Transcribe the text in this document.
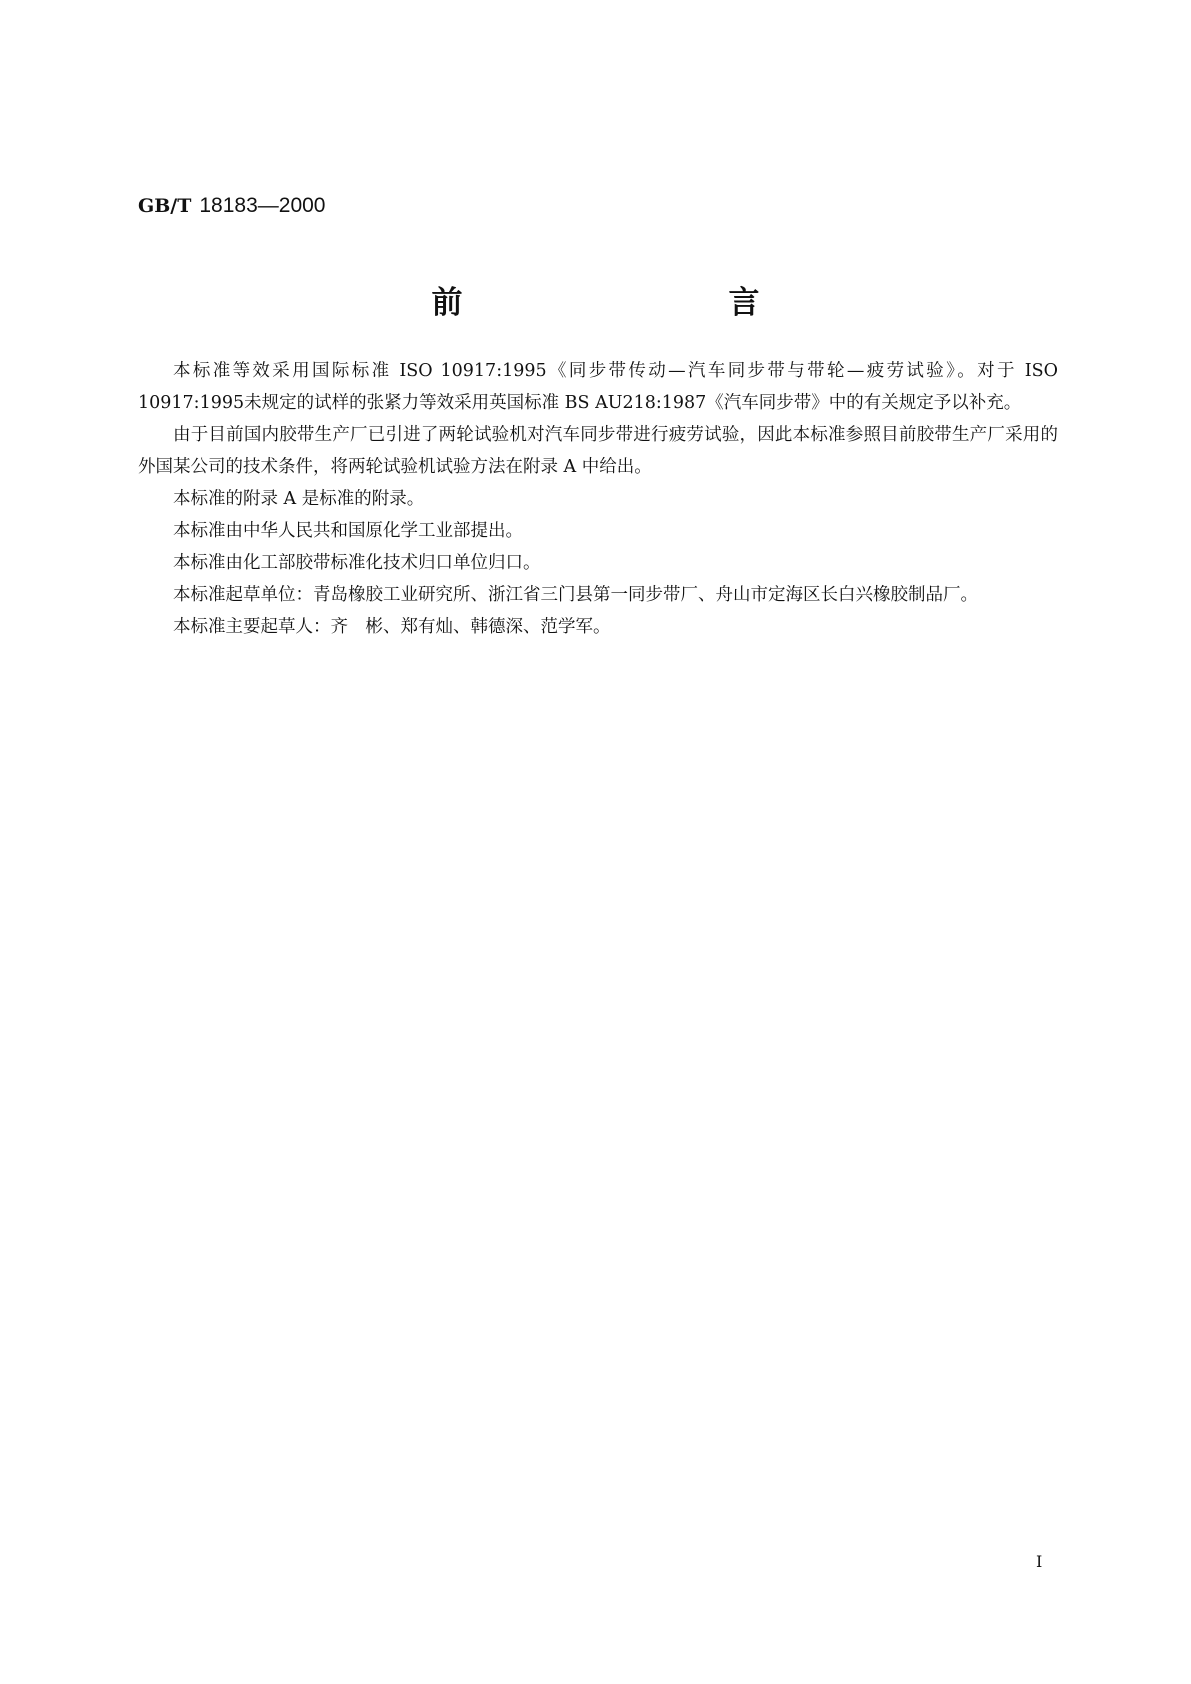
GB/T 18183—2000
前　　言

本标准等效采用国际标准 ISO 10917:1995《同步带传动—汽车同步带与带轮—疲劳试验》。对于 ISO 10917:1995未规定的试样的张紧力等效采用英国标准 BS AU218:1987《汽车同步带》中的有关规定予以补充。

由于目前国内胶带生产厂已引进了两轮试验机对汽车同步带进行疲劳试验，因此本标准参照目前胶带生产厂采用的外国某公司的技术条件，将两轮试验机试验方法在附录 A 中给出。

本标准的附录 A 是标准的附录。

本标准由中华人民共和国原化学工业部提出。

本标准由化工部胶带标准化技术归口单位归口。

本标准起草单位：青岛橡胶工业研究所、浙江省三门县第一同步带厂、舟山市定海区长白兴橡胶制品厂。

本标准主要起草人：齐　彬、郑有灿、韩德深、范学军。

I
